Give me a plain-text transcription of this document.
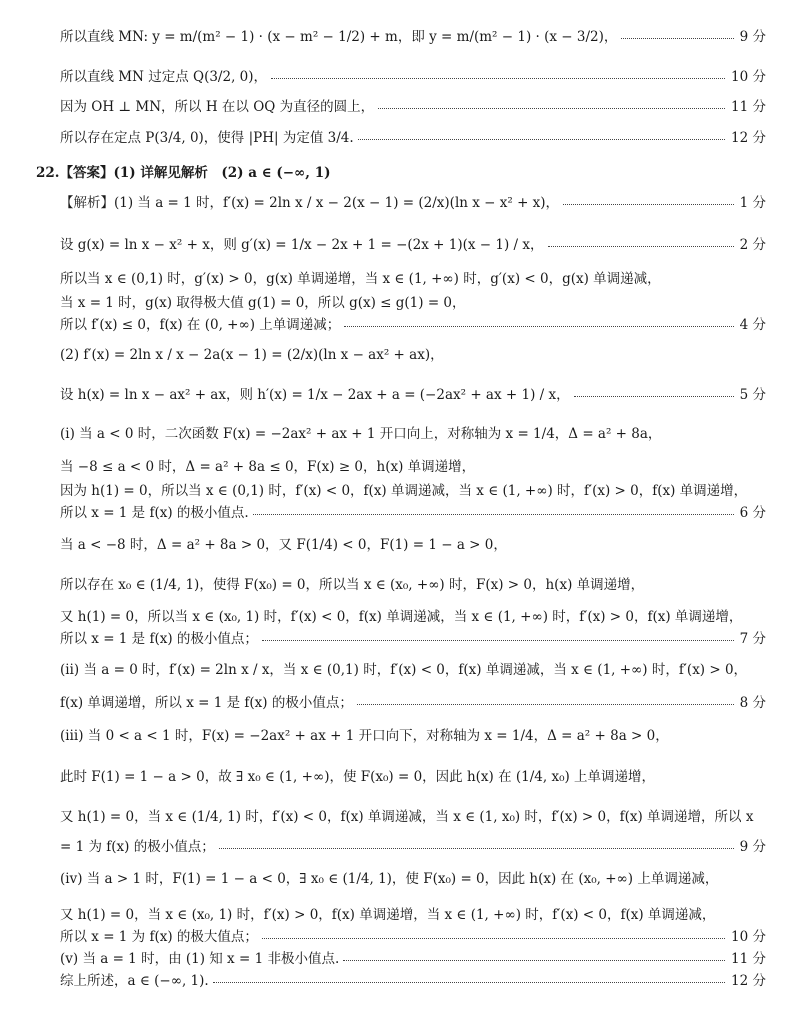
所以直线 MN: y = m/(m² − 1) · (x − m² − 1/2) + m，即 y = m/(m² − 1) · (x − 3/2)，	9 分
所以直线 MN 过定点 Q(3/2, 0)，	10 分
因为 OH ⊥ MN，所以 H 在以 OQ 为直径的圆上，	11 分
所以存在定点 P(3/4, 0)，使得 |PH| 为定值 3/4.	12 分
22.【答案】(1) 详解见解析　(2) a ∈ (−∞, 1)
【解析】(1) 当 a = 1 时，f′(x) = 2ln x / x − 2(x − 1) = (2/x)(ln x − x² + x)，	1 分
设 g(x) = ln x − x² + x，则 g′(x) = 1/x − 2x + 1 = −(2x + 1)(x − 1) / x，	2 分
所以当 x ∈ (0,1) 时，g′(x) > 0，g(x) 单调递增，当 x ∈ (1, +∞) 时，g′(x) < 0，g(x) 单调递减，
当 x = 1 时，g(x) 取得极大值 g(1) = 0，所以 g(x) ≤ g(1) = 0，
所以 f′(x) ≤ 0，f(x) 在 (0, +∞) 上单调递减；	4 分
(2) f′(x) = 2ln x / x − 2a(x − 1) = (2/x)(ln x − ax² + ax)，
设 h(x) = ln x − ax² + ax，则 h′(x) = 1/x − 2ax + a = (−2ax² + ax + 1) / x，	5 分
(ⅰ) 当 a < 0 时，二次函数 F(x) = −2ax² + ax + 1 开口向上，对称轴为 x = 1/4，Δ = a² + 8a，
当 −8 ≤ a < 0 时，Δ = a² + 8a ≤ 0，F(x) ≥ 0，h(x) 单调递增，
因为 h(1) = 0，所以当 x ∈ (0,1) 时，f′(x) < 0，f(x) 单调递减，当 x ∈ (1, +∞) 时，f′(x) > 0，f(x) 单调递增，
所以 x = 1 是 f(x) 的极小值点.	6 分
当 a < −8 时，Δ = a² + 8a > 0，又 F(1/4) < 0，F(1) = 1 − a > 0，
所以存在 x₀ ∈ (1/4, 1)，使得 F(x₀) = 0，所以当 x ∈ (x₀, +∞) 时，F(x) > 0，h(x) 单调递增，
又 h(1) = 0，所以当 x ∈ (x₀, 1) 时，f′(x) < 0，f(x) 单调递减，当 x ∈ (1, +∞) 时，f′(x) > 0，f(x) 单调递增，
所以 x = 1 是 f(x) 的极小值点；	7 分
(ⅱ) 当 a = 0 时，f′(x) = 2ln x / x，当 x ∈ (0,1) 时，f′(x) < 0，f(x) 单调递减，当 x ∈ (1, +∞) 时，f′(x) > 0，
f(x) 单调递增，所以 x = 1 是 f(x) 的极小值点；	8 分
(ⅲ) 当 0 < a < 1 时，F(x) = −2ax² + ax + 1 开口向下，对称轴为 x = 1/4，Δ = a² + 8a > 0，
此时 F(1) = 1 − a > 0，故 ∃ x₀ ∈ (1, +∞)，使 F(x₀) = 0，因此 h(x) 在 (1/4, x₀) 上单调递增，
又 h(1) = 0，当 x ∈ (1/4, 1) 时，f′(x) < 0，f(x) 单调递减，当 x ∈ (1, x₀) 时，f′(x) > 0，f(x) 单调递增，所以 x
= 1 为 f(x) 的极小值点；	9 分
(ⅳ) 当 a > 1 时，F(1) = 1 − a < 0，∃ x₀ ∈ (1/4, 1)，使 F(x₀) = 0，因此 h(x) 在 (x₀, +∞) 上单调递减，
又 h(1) = 0，当 x ∈ (x₀, 1) 时，f′(x) > 0，f(x) 单调递增，当 x ∈ (1, +∞) 时，f′(x) < 0，f(x) 单调递减，
所以 x = 1 为 f(x) 的极大值点；	10 分
(ⅴ) 当 a = 1 时，由 (1) 知 x = 1 非极小值点.	11 分
综上所述，a ∈ (−∞, 1).	12 分
